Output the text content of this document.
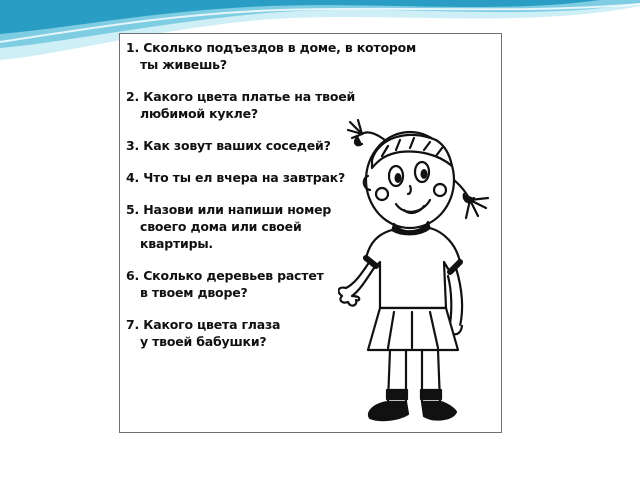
1. Сколько подъездов в доме, в котором
ты живешь?
2. Какого цвета платье на твоей
любимой кукле?
3. Как зовут ваших соседей?
4. Что ты ел вчера на завтрак?
5. Назови или напиши номер
своего дома или своей
квартиры.
6. Сколько деревьев растет
в твоем дворе?
7. Какого цвета глаза
у твоей бабушки?
